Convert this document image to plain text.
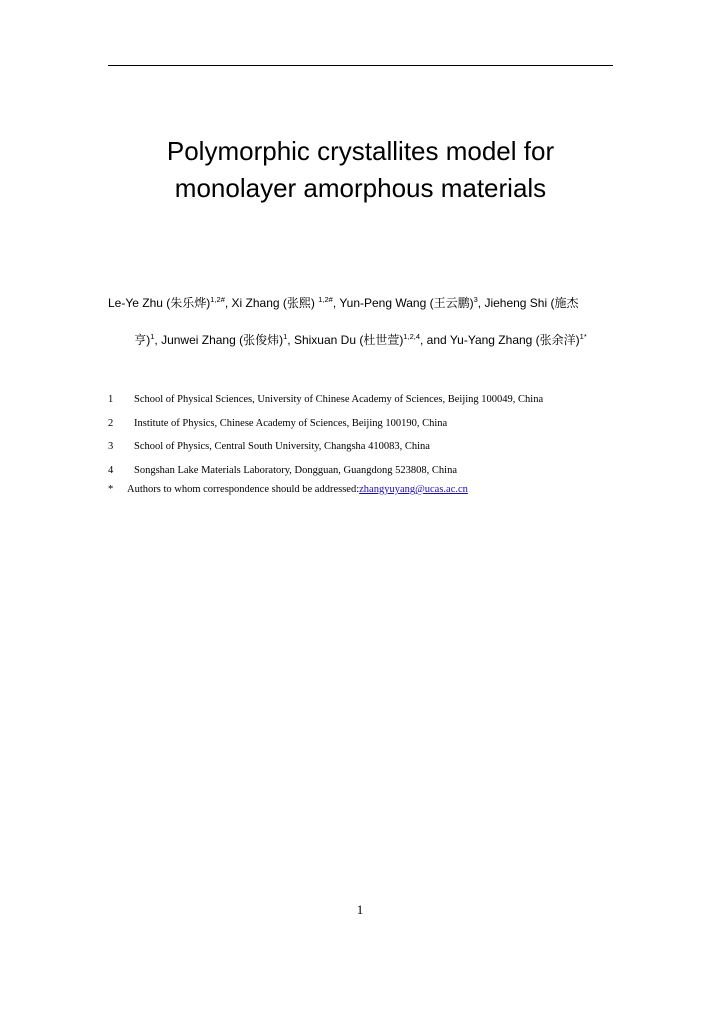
Polymorphic crystallites model for
monolayer amorphous materials
Le-Ye Zhu (朱乐烨)$^{1,2\#}$, Xi Zhang (张熙) $^{1,2\#}$, Yun-Peng Wang (王云鹏)$^3$, Jieheng Shi (施杰
亨)$^1$, Junwei Zhang (张俊炜)$^1$, Shixuan Du (杜世萱)$^{1,2,4}$, and Yu-Yang Zhang (张余洋)$^{1*}$
1	School of Physical Sciences, University of Chinese Academy of Sciences, Beijing 100049, China
2	Institute of Physics, Chinese Academy of Sciences, Beijing 100190, China
3	School of Physics, Central South University, Changsha 410083, China
4	Songshan Lake Materials Laboratory, Dongguan, Guangdong 523808, China
*	Authors to whom correspondence should be addressed: zhangyuyang@ucas.ac.cn
1
